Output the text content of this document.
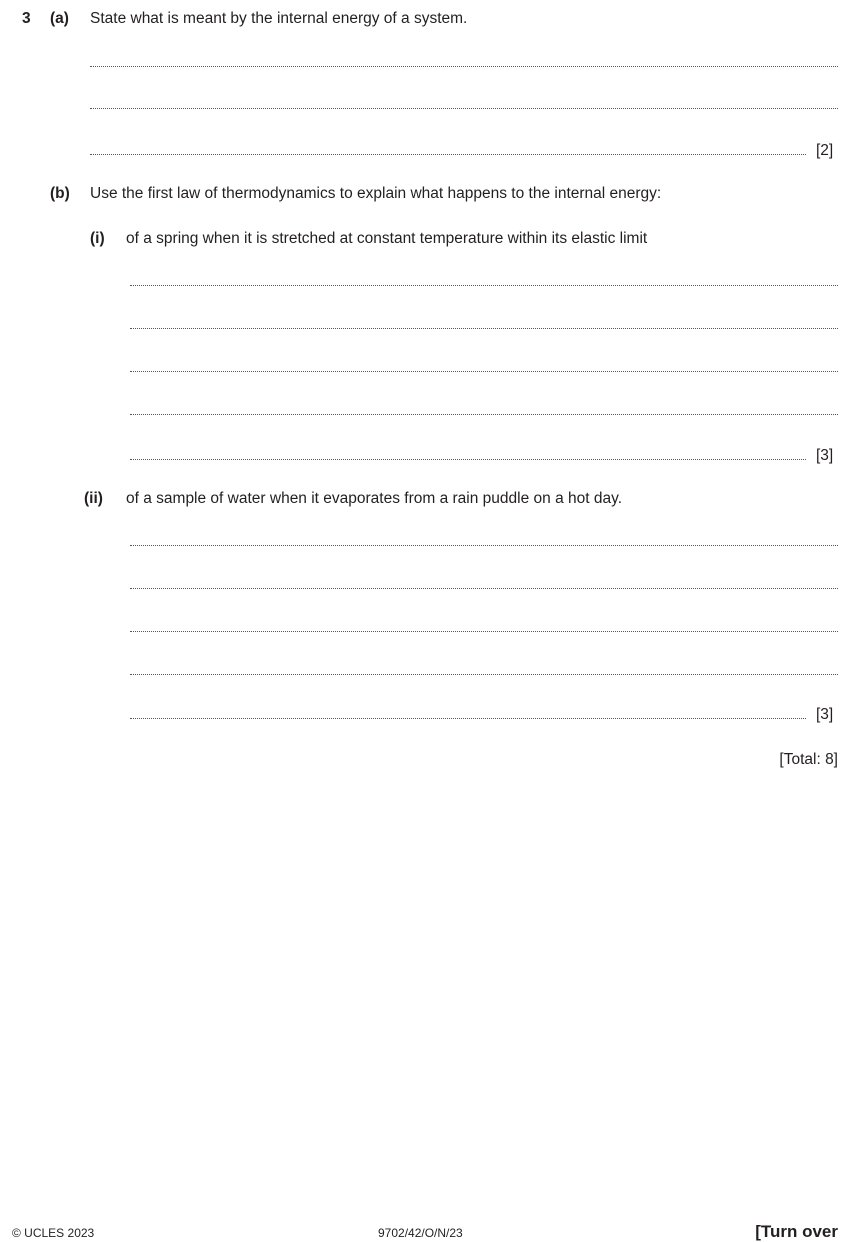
3 (a) State what is meant by the internal energy of a system.
[2]
(b) Use the first law of thermodynamics to explain what happens to the internal energy:
(i) of a spring when it is stretched at constant temperature within its elastic limit
[3]
(ii) of a sample of water when it evaporates from a rain puddle on a hot day.
[3]
[Total: 8]
© UCLES 2023	9702/42/O/N/23	[Turn over
